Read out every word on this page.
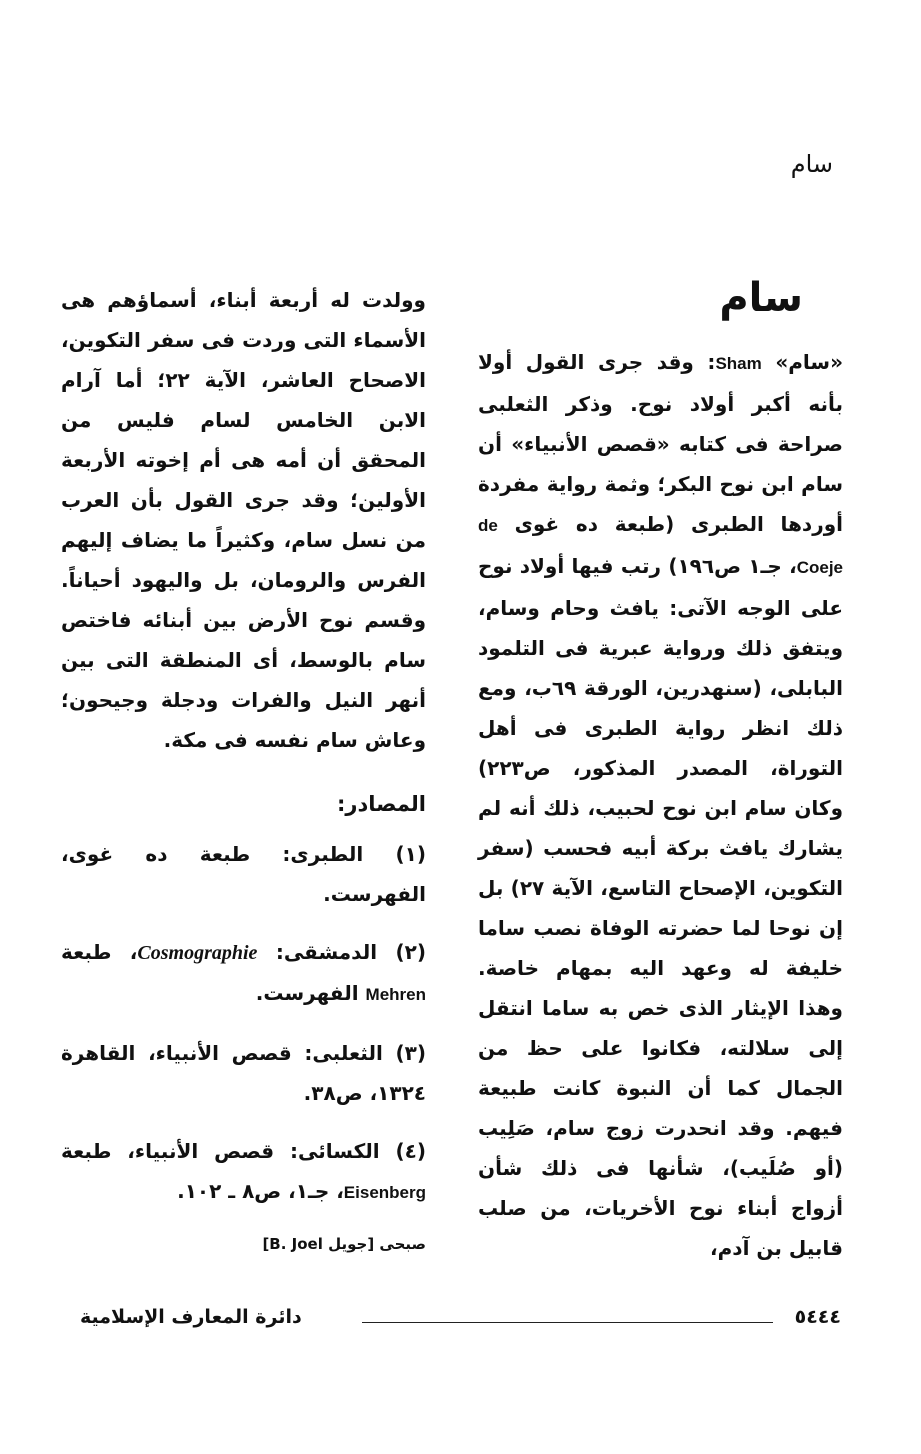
سام
سام

«سام» Sham: وقد جرى القول أولا بأنه أكبر أولاد نوح. وذكر الثعلبى صراحة فى كتابه «قصص الأنبياء» أن سام ابن نوح البكر؛ وثمة رواية مفردة أوردها الطبرى (طبعة ده غوى de Coeje، جـ١ ص١٩٦) رتب فيها أولاد نوح على الوجه الآتى: يافث وحام وسام، ويتفق ذلك ورواية عبرية فى التلمود البابلى، (سنهدرين، الورقة ٦٩ب، ومع ذلك انظر رواية الطبرى فى أهل التوراة، المصدر المذكور، ص٢٢٣) وكان سام ابن نوح لحبيب، ذلك أنه لم يشارك يافث بركة أبيه فحسب (سفر التكوين، الإصحاح التاسع، الآية ٢٧) بل إن نوحا لما حضرته الوفاة نصب ساما خليفة له وعهد اليه بمهام خاصة. وهذا الإيثار الذى خص به ساما انتقل إلى سلالته، فكانوا على حظ من الجمال كما أن النبوة كانت طبيعة فيهم. وقد انحدرت زوج سام، صَلِيب (أو صُلَيب)، شأنها فى ذلك شأن أزواج أبناء نوح الأخريات، من صلب قابيل بن آدم،

وولدت له أربعة أبناء، أسماؤهم هى الأسماء التى وردت فى سفر التكوين، الاصحاح العاشر، الآية ٢٢؛ أما آرام الابن الخامس لسام فليس من المحقق أن أمه هى أم إخوته الأربعة الأولين؛ وقد جرى القول بأن العرب من نسل سام، وكثيراً ما يضاف إليهم الفرس والرومان، بل واليهود أحياناً. وقسم نوح الأرض بين أبنائه فاختص سام بالوسط، أى المنطقة التى بين أنهر النيل والفرات ودجلة وجيحون؛ وعاش سام نفسه فى مكة.

المصادر:

(١) الطبرى: طبعة ده غوى، الفهرست.

(٢) الدمشقى: Cosmographie، طبعة Mehren الفهرست.

(٣) الثعلبى: قصص الأنبياء، القاهرة ١٣٢٤، ص٣٨.

(٤) الكسائى: قصص الأنبياء، طبعة Eisenberg، جـ١، ص٨ ـ ١٠٢.

صبحى [جويل B. Joel]
٥٤٤٤
دائرة المعارف الإسلامية
